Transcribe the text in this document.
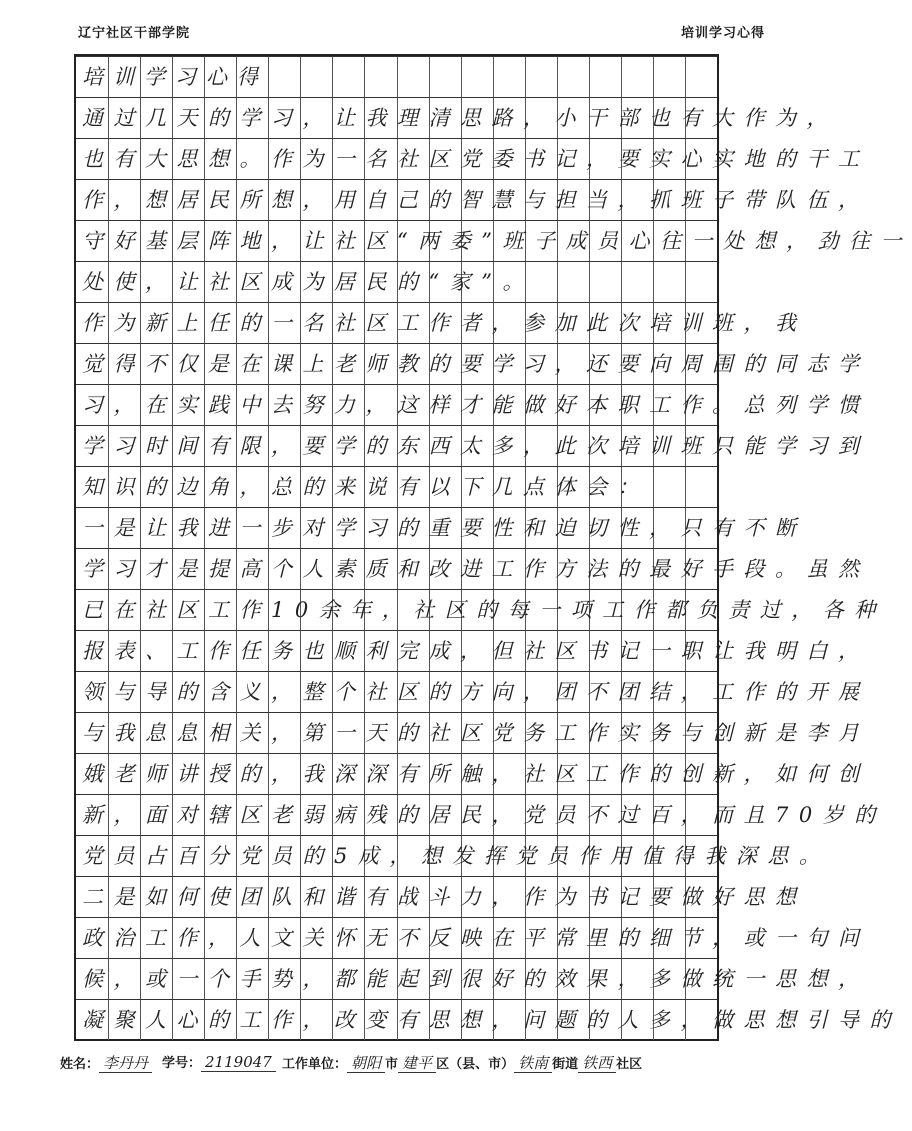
辽宁社区干部学院	培训学习心得
培训学习心得
通过几天的学习，让我理清思路，小干部也有大作为，
也有大思想。作为一名社区党委书记，要实心实地的干工
作，想居民所想，用自己的智慧与担当，抓班子带队伍，
守好基层阵地，让社区“两委”班子成员心往一处想，劲往一
处使，让社区成为居民的“家”。
作为新上任的一名社区工作者，参加此次培训班，我
觉得不仅是在课上老师教的要学习，还要向周围的同志学
习，在实践中去努力，这样才能做好本职工作。总列学惯
学习时间有限，要学的东西太多，此次培训班只能学习到
知识的边角，总的来说有以下几点体会：
一是让我进一步对学习的重要性和迫切性，只有不断
学习才是提高个人素质和改进工作方法的最好手段。虽然
已在社区工作10余年，社区的每一项工作都负责过，各种
报表、工作任务也顺利完成，但社区书记一职让我明白，
领与导的含义，整个社区的方向，团不团结，工作的开展
与我息息相关，第一天的社区党务工作实务与创新是李月
娥老师讲授的，我深深有所触，社区工作的创新，如何创
新，面对辖区老弱病残的居民，党员不过百，而且70岁的
党员占百分党员的5成，想发挥党员作用值得我深思。
二是如何使团队和谐有战斗力，作为书记要做好思想
政治工作，人文关怀无不反映在平常里的细节，或一句问
候，或一个手势，都能起到很好的效果，多做统一思想，
凝聚人心的工作，改变有思想，问题的人多，做思想引导的
姓名： 李丹丹	学号： 2119047 工作单位： 朝阳 市 建平 区（县、市） 铁南 街道 铁西 社区
